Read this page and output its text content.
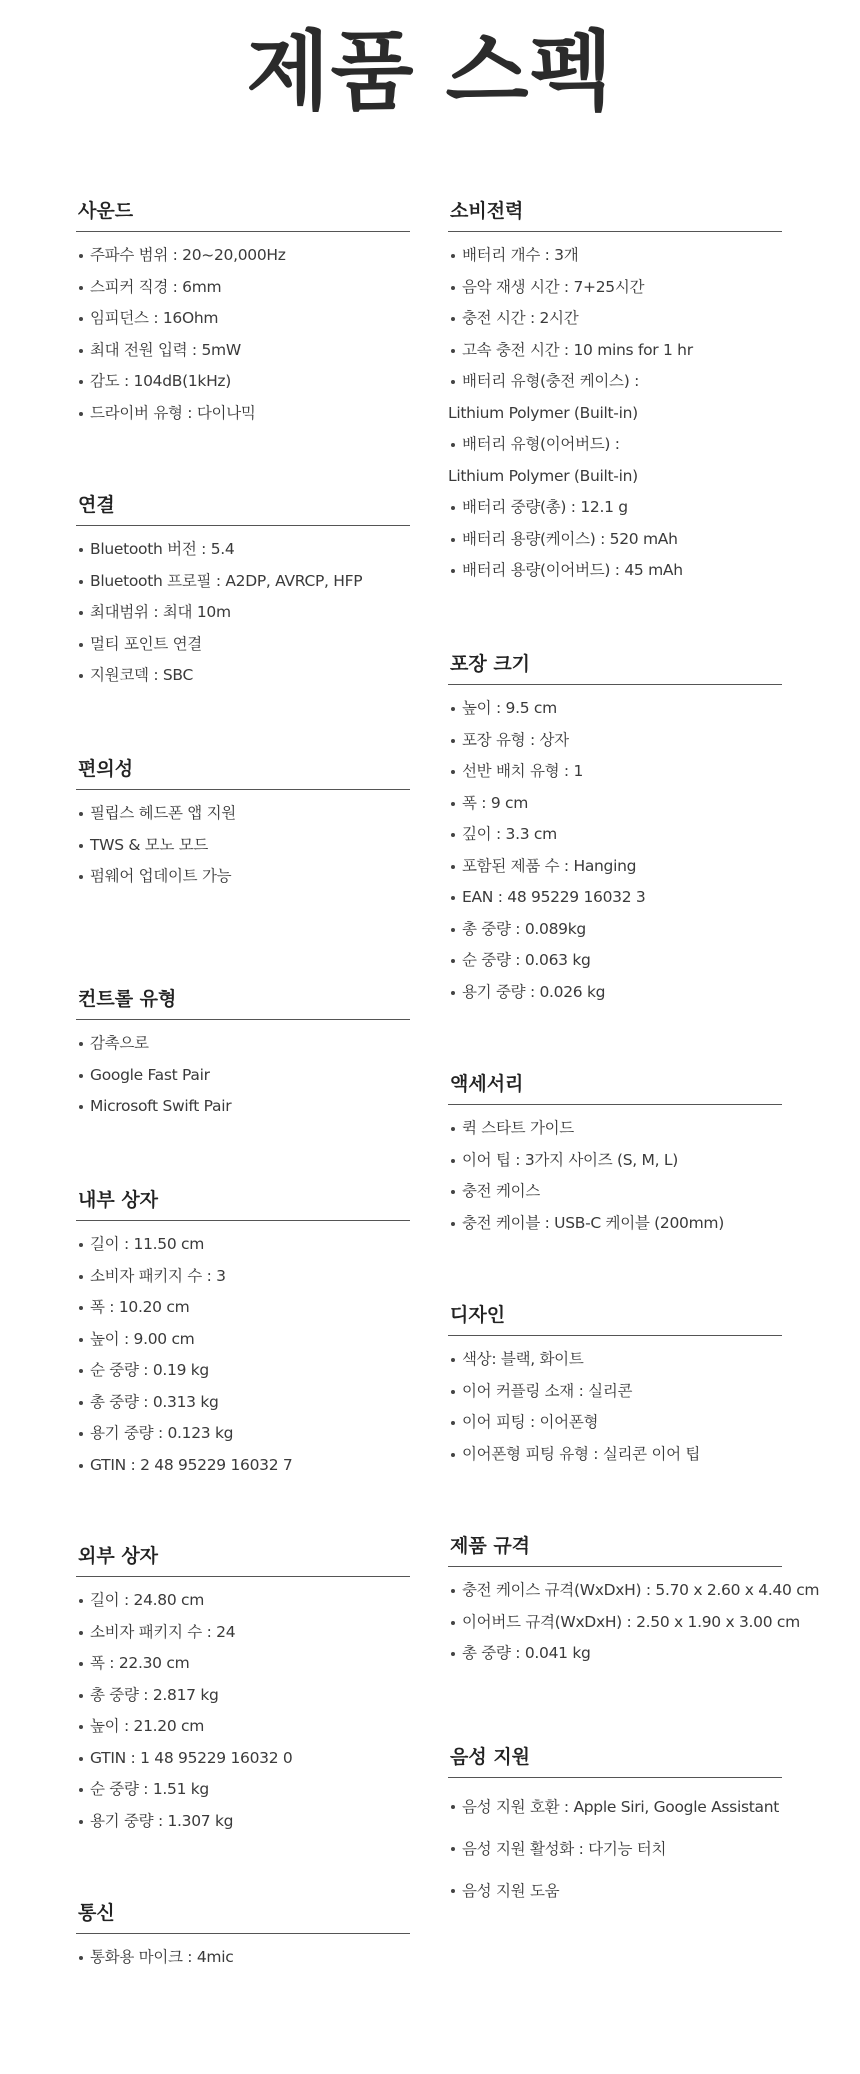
제품 스펙
사운드
주파수 범위 : 20~20,000Hz
스피커 직경 : 6mm
임피던스 : 16Ohm
최대 전원 입력 : 5mW
감도 : 104dB(1kHz)
드라이버 유형 : 다이나믹
연결
Bluetooth 버전 : 5.4
Bluetooth 프로필 : A2DP, AVRCP, HFP
최대범위 : 최대 10m
멀티 포인트 연결
지원코덱 : SBC
편의성
필립스 헤드폰 앱 지원
TWS & 모노 모드
펌웨어 업데이트 가능
컨트롤 유형
감촉으로
Google Fast Pair
Microsoft Swift Pair
내부 상자
길이 : 11.50 cm
소비자 패키지 수 : 3
폭 : 10.20 cm
높이 : 9.00 cm
순 중량 : 0.19 kg
총 중량 : 0.313 kg
용기 중량 : 0.123 kg
GTIN : 2 48 95229 16032 7
외부 상자
길이 : 24.80 cm
소비자 패키지 수 : 24
폭 : 22.30 cm
총 중량 : 2.817 kg
높이 : 21.20 cm
GTIN : 1 48 95229 16032 0
순 중량 : 1.51 kg
용기 중량 : 1.307 kg
통신
통화용 마이크 : 4mic
소비전력
배터리 개수 : 3개
음악 재생 시간 : 7+25시간
충전 시간 : 2시간
고속 충전 시간 : 10 mins for 1 hr
배터리 유형(충전 케이스) :
Lithium Polymer (Built-in)
배터리 유형(이어버드) :
Lithium Polymer (Built-in)
배터리 중량(총) : 12.1 g
배터리 용량(케이스) : 520 mAh
배터리 용량(이어버드) : 45 mAh
포장 크기
높이 : 9.5 cm
포장 유형 : 상자
선반 배치 유형 : 1
폭 : 9 cm
깊이 : 3.3 cm
포함된 제품 수 : Hanging
EAN : 48 95229 16032 3
총 중량 : 0.089kg
순 중량 : 0.063 kg
용기 중량 : 0.026 kg
액세서리
퀵 스타트 가이드
이어 팁 : 3가지 사이즈 (S, M, L)
충전 케이스
충전 케이블 : USB-C 케이블 (200mm)
디자인
색상: 블랙, 화이트
이어 커플링 소재 : 실리콘
이어 피팅 : 이어폰형
이어폰형 피팅 유형 : 실리콘 이어 팁
제품 규격
충전 케이스 규격(WxDxH) : 5.70 x 2.60 x 4.40 cm
이어버드 규격(WxDxH) : 2.50 x 1.90 x 3.00 cm
총 중량 : 0.041 kg
음성 지원
음성 지원 호환 : Apple Siri, Google Assistant
음성 지원 활성화 : 다기능 터치
음성 지원 도움
